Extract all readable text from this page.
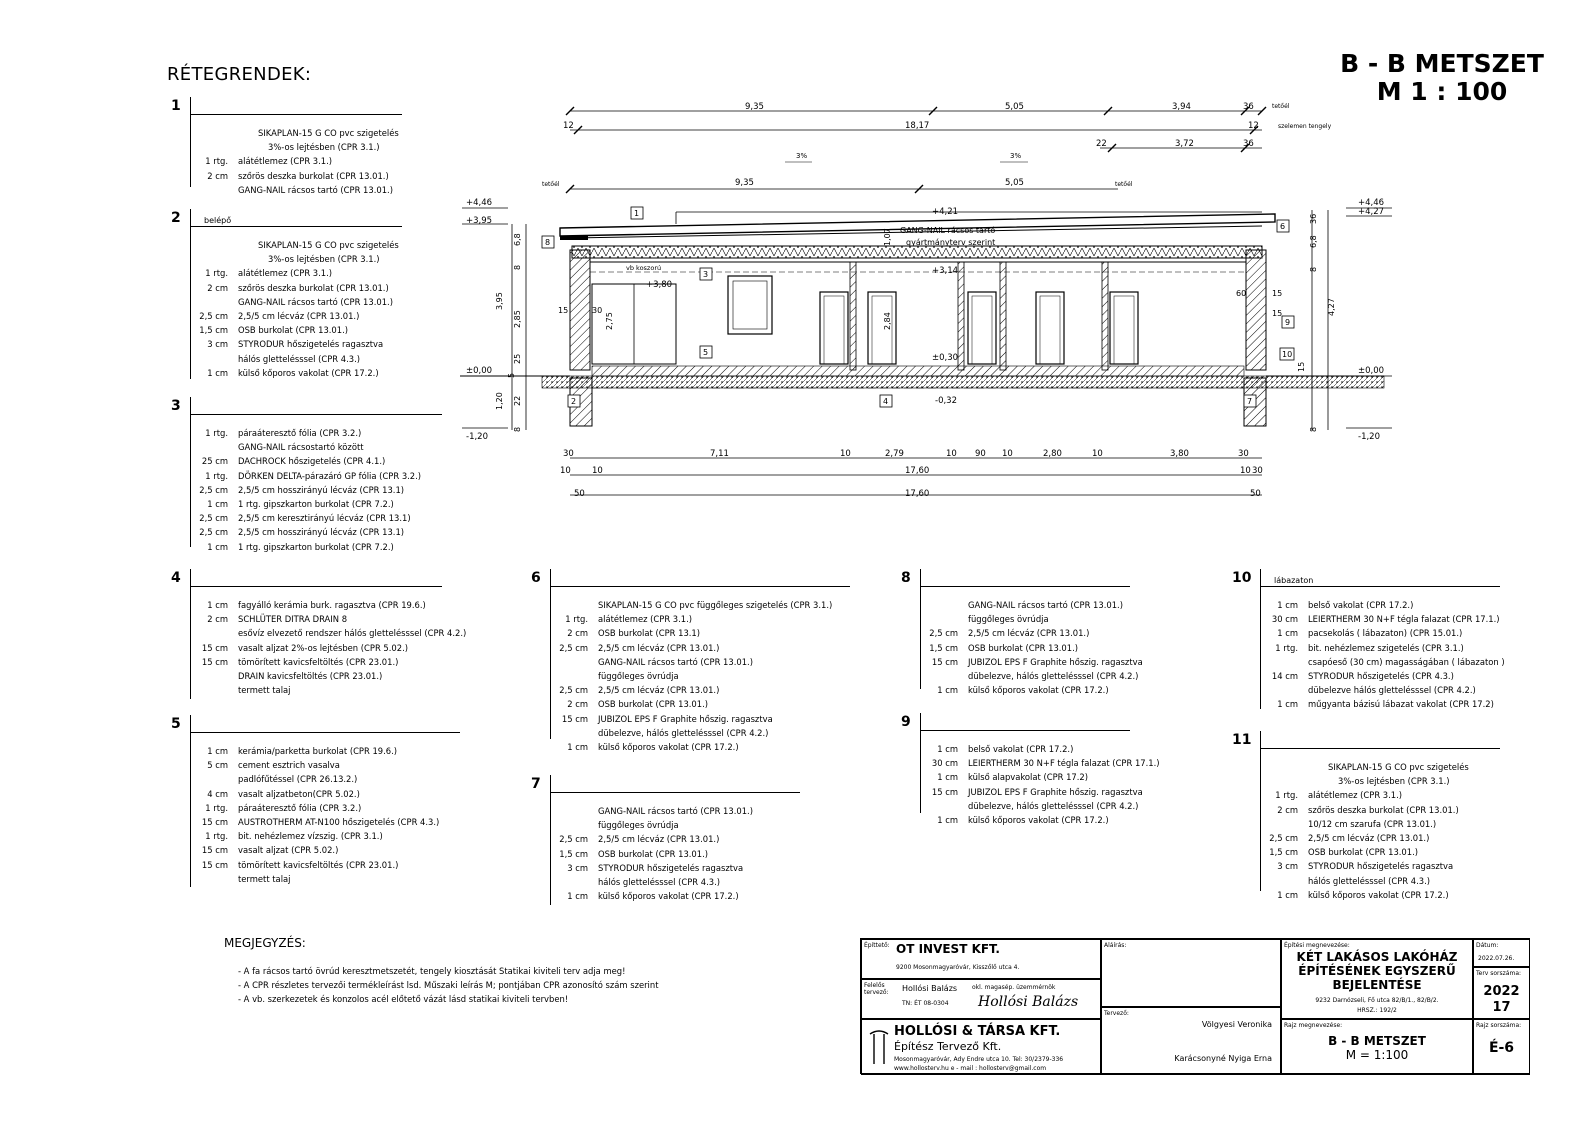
B - B METSZET
M 1 : 100
RÉTEGRENDEK:
1
SIKAPLAN-15 G CO pvc szigetelés
3%-os lejtésben (CPR 3.1.)
1 rtg.	alátétlemez (CPR 3.1.)
2 cm	szőrös deszka burkolat (CPR 13.01.)
GANG-NAIL rácsos tartó (CPR 13.01.)
2	belépő
SIKAPLAN-15 G CO pvc szigetelés
3%-os lejtésben (CPR 3.1.)
1 rtg.	alátétlemez (CPR 3.1.)
2 cm	szőrös deszka burkolat (CPR 13.01.)
GANG-NAIL rácsos tartó (CPR 13.01.)
2,5 cm	2,5/5 cm lécváz (CPR 13.01.)
1,5 cm	OSB burkolat (CPR 13.01.)
3 cm	STYRODUR hőszigetelés ragasztva
hálós glettelésssel (CPR 4.3.)
1 cm	külső kőporos vakolat (CPR 17.2.)
3
1 rtg.	páraáteresztő fólia (CPR 3.2.)
GANG-NAIL rácsostartó között
25 cm	DACHROCK hőszigetelés (CPR 4.1.)
1 rtg.	DÖRKEN DELTA-párazáró GP fólia (CPR 3.2.)
2,5 cm	2,5/5 cm hosszirányú lécváz (CPR 13.1)
1 cm	1 rtg. gipszkarton burkolat (CPR 7.2.)
2,5 cm	2,5/5 cm keresztirányú lécváz (CPR 13.1)
2,5 cm	2,5/5 cm hosszirányú lécváz (CPR 13.1)
1 cm	1 rtg. gipszkarton burkolat (CPR 7.2.)
4
1 cm	fagyálló kerámia burk. ragasztva (CPR 19.6.)
2 cm	SCHLÜTER DITRA DRAIN 8
esővíz elvezető rendszer hálós glettelésssel (CPR 4.2.)
15 cm	vasalt aljzat 2%-os lejtésben (CPR 5.02.)
15 cm	tömörített kavicsfeltöltés (CPR 23.01.)
DRAIN kavicsfeltöltés (CPR 23.01.)
termett talaj
5
1 cm	kerámia/parketta burkolat (CPR 19.6.)
5 cm	cement esztrich vasalva
padlófűtéssel (CPR 26.13.2.)
4 cm	vasalt aljzatbeton(CPR 5.02.)
1 rtg.	páraáteresztő fólia (CPR 3.2.)
15 cm	AUSTROTHERM AT-N100 hőszigetelés (CPR 4.3.)
1 rtg.	bit. nehézlemez vízszig. (CPR 3.1.)
15 cm	vasalt aljzat (CPR 5.02.)
15 cm	tömörített kavicsfeltöltés (CPR 23.01.)
termett talaj
6
SIKAPLAN-15 G CO pvc függőleges szigetelés (CPR 3.1.)
1 rtg.	alátétlemez (CPR 3.1.)
2 cm	OSB burkolat (CPR 13.1)
2,5 cm	2,5/5 cm lécváz (CPR 13.01.)
GANG-NAIL rácsos tartó (CPR 13.01.)
függőleges övrúdja
2,5 cm	2,5/5 cm lécváz (CPR 13.01.)
2 cm	OSB burkolat (CPR 13.01.)
15 cm	JUBIZOL EPS F Graphite hőszig. ragasztva
dübelezve, hálós glettelésssel (CPR 4.2.)
1 cm	külső kőporos vakolat (CPR 17.2.)
7
GANG-NAIL rácsos tartó (CPR 13.01.)
függőleges övrúdja
2,5 cm	2,5/5 cm lécváz (CPR 13.01.)
1,5 cm	OSB burkolat (CPR 13.01.)
3 cm	STYRODUR hőszigetelés ragasztva
hálós glettelésssel (CPR 4.3.)
1 cm	külső kőporos vakolat (CPR 17.2.)
8
GANG-NAIL rácsos tartó (CPR 13.01.)
függőleges övrúdja
2,5 cm	2,5/5 cm lécváz (CPR 13.01.)
1,5 cm	OSB burkolat (CPR 13.01.)
15 cm	JUBIZOL EPS F Graphite hőszig. ragasztva
dübelezve, hálós glettelésssel (CPR 4.2.)
1 cm	külső kőporos vakolat (CPR 17.2.)
9
1 cm	belső vakolat (CPR 17.2.)
30 cm	LEIERTHERM 30 N+F tégla falazat (CPR 17.1.)
1 cm	külső alapvakolat (CPR 17.2)
15 cm	JUBIZOL EPS F Graphite hőszig. ragasztva
dübelezve, hálós glettelésssel (CPR 4.2.)
1 cm	külső kőporos vakolat (CPR 17.2.)
10	lábazaton
1 cm	belső vakolat (CPR 17.2.)
30 cm	LEIERTHERM 30 N+F tégla falazat (CPR 17.1.)
1 cm	pacsekolás ( lábazaton) (CPR 15.01.)
1 rtg.	bit. nehézlemez szigetelés (CPR 3.1.)
csapóeső (30 cm) magasságában ( lábazaton )
14 cm	STYRODUR hőszigetelés (CPR 4.3.)
dübelezve hálós glettelésssel (CPR 4.2.)
1 cm	műgyanta bázisú lábazat vakolat (CPR 17.2)
11
SIKAPLAN-15 G CO pvc szigetelés
3%-os lejtésben (CPR 3.1.)
1 rtg.	alátétlemez (CPR 3.1.)
2 cm	szőrös deszka burkolat (CPR 13.01.)
10/12 cm szarufa (CPR 13.01.)
2,5 cm	2,5/5 cm lécváz (CPR 13.01.)
1,5 cm	OSB burkolat (CPR 13.01.)
3 cm	STYRODUR hőszigetelés ragasztva
hálós glettelésssel (CPR 4.3.)
1 cm	külső kőporos vakolat (CPR 17.2.)
MEGJEGYZÉS:
- A fa rácsos tartó övrúd keresztmetszetét, tengely kiosztását Statikai kiviteli terv adja meg!
- A CPR részletes tervezői termékleírást lsd. Műszaki leírás M; pontjában CPR azonosító szám szerint
- A vb. szerkezetek és konzolos acél előtető vázát lásd statikai kiviteli tervben!
9,35	5,05	3,94	36	tetőél
12	18,17	12	szelemen tengely
22	3,72	36
3%	3%
9,35	5,05
tetőél	tetőél
+4,46
+3,95
±0,00
-1,20
+4,46
+4,27
±0,00
-1,20
+4,21
+3,14
+3,80
±0,30
-0,32
GANG-NAIL rácsos tartó
gyártmányterv szerint
vb koszorú
3,95
2,85	15	30
2,75
1,20
25
5
22
8
6,8
8
1,07
2,84
4,27
36
6,8
8
60	15
15
15
8
30	7,11	10	2,79	10 90 10	2,80	10	3,80	30
10 10	17,60	10 30
50	17,60	50
1
2
3
4
5
6
7
8
9
10
Építtető: OT INVEST KFT.
9200 Mosonmagyaróvár, Kisszőlő utca 4.
Felelős tervező: Hollósi Balázs okl. magasép. üzemmérnök
TN: ÉT 08-0304 Hollósi Balázs
HOLLÓSI & TÁRSA KFT.
Építész Tervező Kft.
Mosonmagyaróvár, Ady Endre utca 10. Tel: 30/2379-336
www.hollosterv.hu e - mail : hollosterv@gmail.com
Aláírás:
Tervező:
Völgyesi Veronika
Karácsonyné Nyiga Erna
Építési megnevezése:
KÉT LAKÁSOS LAKÓHÁZ
ÉPÍTÉSÉNEK EGYSZERŰ
BEJELENTÉSE
9232 Darnózseli, Fő utca 82/B/1., 82/B/2.
HRSZ.: 192/2
Rajz megnevezése:
B - B METSZET
M = 1:100
Dátum:
2022.07.26.
Terv sorszáma:
2022
17
Rajz sorszáma:
É-6
